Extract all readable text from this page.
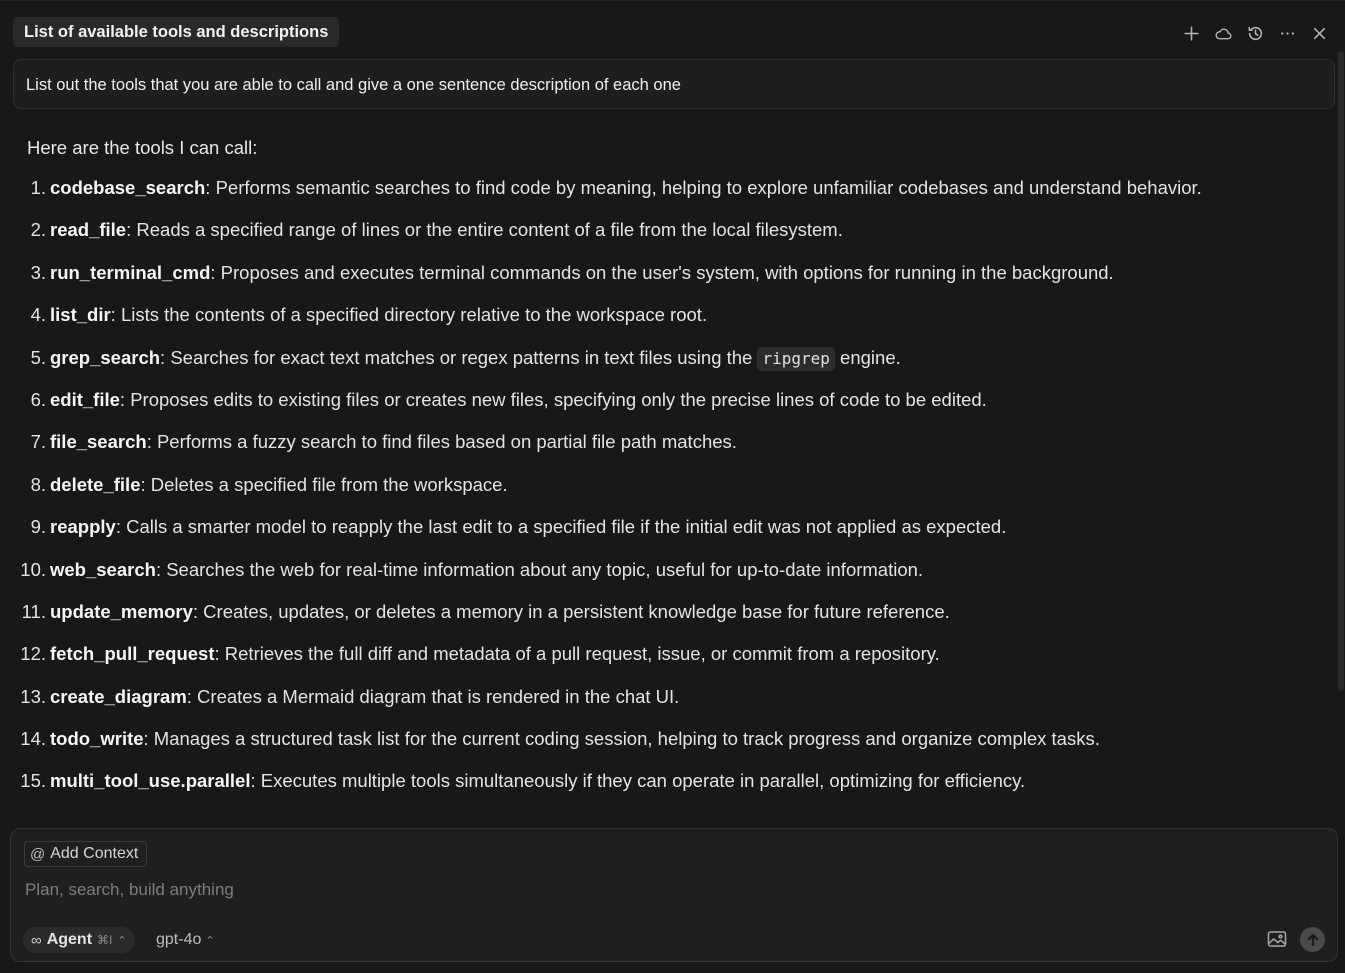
List of available tools and descriptions
List out the tools that you are able to call and give a one sentence description of each one
Here are the tools I can call:
1. codebase_search: Performs semantic searches to find code by meaning, helping to explore unfamiliar codebases and understand behavior.
2. read_file: Reads a specified range of lines or the entire content of a file from the local filesystem.
3. run_terminal_cmd: Proposes and executes terminal commands on the user's system, with options for running in the background.
4. list_dir: Lists the contents of a specified directory relative to the workspace root.
5. grep_search: Searches for exact text matches or regex patterns in text files using the ripgrep engine.
6. edit_file: Proposes edits to existing files or creates new files, specifying only the precise lines of code to be edited.
7. file_search: Performs a fuzzy search to find files based on partial file path matches.
8. delete_file: Deletes a specified file from the workspace.
9. reapply: Calls a smarter model to reapply the last edit to a specified file if the initial edit was not applied as expected.
10. web_search: Searches the web for real-time information about any topic, useful for up-to-date information.
11. update_memory: Creates, updates, or deletes a memory in a persistent knowledge base for future reference.
12. fetch_pull_request: Retrieves the full diff and metadata of a pull request, issue, or commit from a repository.
13. create_diagram: Creates a Mermaid diagram that is rendered in the chat UI.
14. todo_write: Manages a structured task list for the current coding session, helping to track progress and organize complex tasks.
15. multi_tool_use.parallel: Executes multiple tools simultaneously if they can operate in parallel, optimizing for efficiency.
@ Add Context
Plan, search, build anything
∞ Agent ⌘I ⌃ gpt-4o ⌃
